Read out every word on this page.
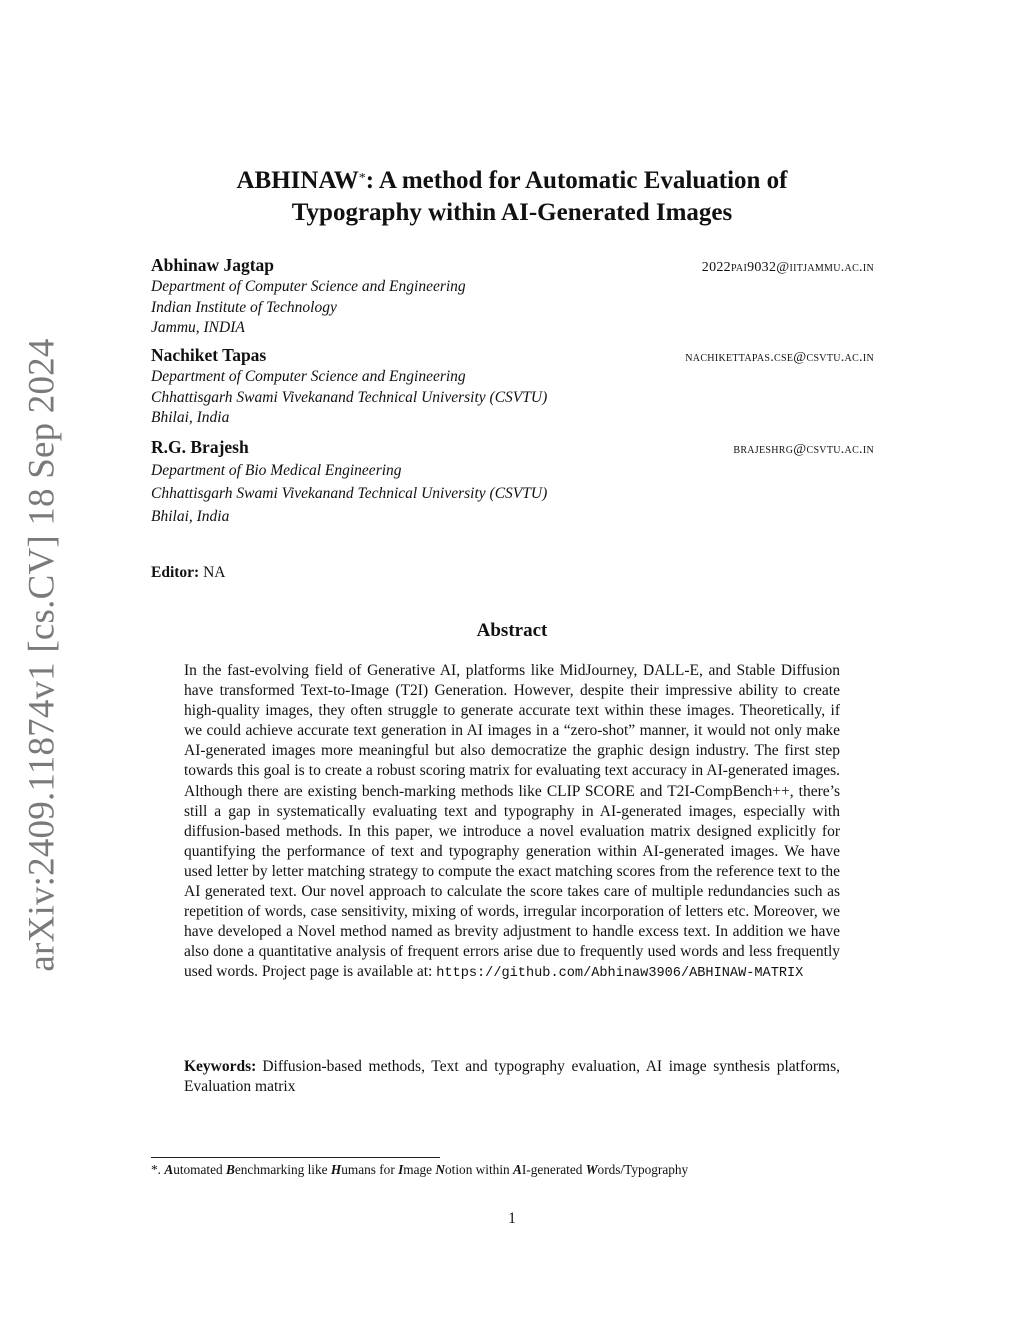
arXiv:2409.11874v1 [cs.CV] 18 Sep 2024
ABHINAW*: A method for Automatic Evaluation of
Typography within AI-Generated Images
Abhinaw Jagtap	2022pai9032@iitjammu.ac.in
Department of Computer Science and Engineering
Indian Institute of Technology
Jammu, INDIA
Nachiket Tapas	nachikettapas.cse@csvtu.ac.in
Department of Computer Science and Engineering
Chhattisgarh Swami Vivekanand Technical University (CSVTU)
Bhilai, India
R.G. Brajesh	brajeshrg@csvtu.ac.in
Department of Bio Medical Engineering
Chhattisgarh Swami Vivekanand Technical University (CSVTU)
Bhilai, India
Editor: NA
Abstract
In the fast-evolving field of Generative AI, platforms like MidJourney, DALL-E, and Stable Diffusion have transformed Text-to-Image (T2I) Generation. However, despite their impressive ability to create high-quality images, they often struggle to generate accurate text within these images. Theoretically, if we could achieve accurate text generation in AI images in a “zero-shot” manner, it would not only make AI-generated images more meaningful but also democratize the graphic design industry. The first step towards this goal is to create a robust scoring matrix for evaluating text accuracy in AI-generated images. Although there are existing bench-marking methods like CLIP SCORE and T2I-CompBench++, there’s still a gap in systematically evaluating text and typography in AI-generated images, especially with diffusion-based methods. In this paper, we introduce a novel evaluation matrix designed explicitly for quantifying the performance of text and typography generation within AI-generated images. We have used letter by letter matching strategy to compute the exact matching scores from the reference text to the AI generated text. Our novel approach to calculate the score takes care of multiple redundancies such as repetition of words, case sensitivity, mixing of words, irregular incorporation of letters etc. Moreover, we have developed a Novel method named as brevity adjustment to handle excess text. In addition we have also done a quantitative analysis of frequent errors arise due to frequently used words and less frequently used words. Project page is available at: https://github.com/Abhinaw3906/ABHINAW-MATRIX
Keywords: Diffusion-based methods, Text and typography evaluation, AI image synthesis platforms, Evaluation matrix
*. Automated Benchmarking like Humans for Image Notion within AI-generated Words/Typography
1
